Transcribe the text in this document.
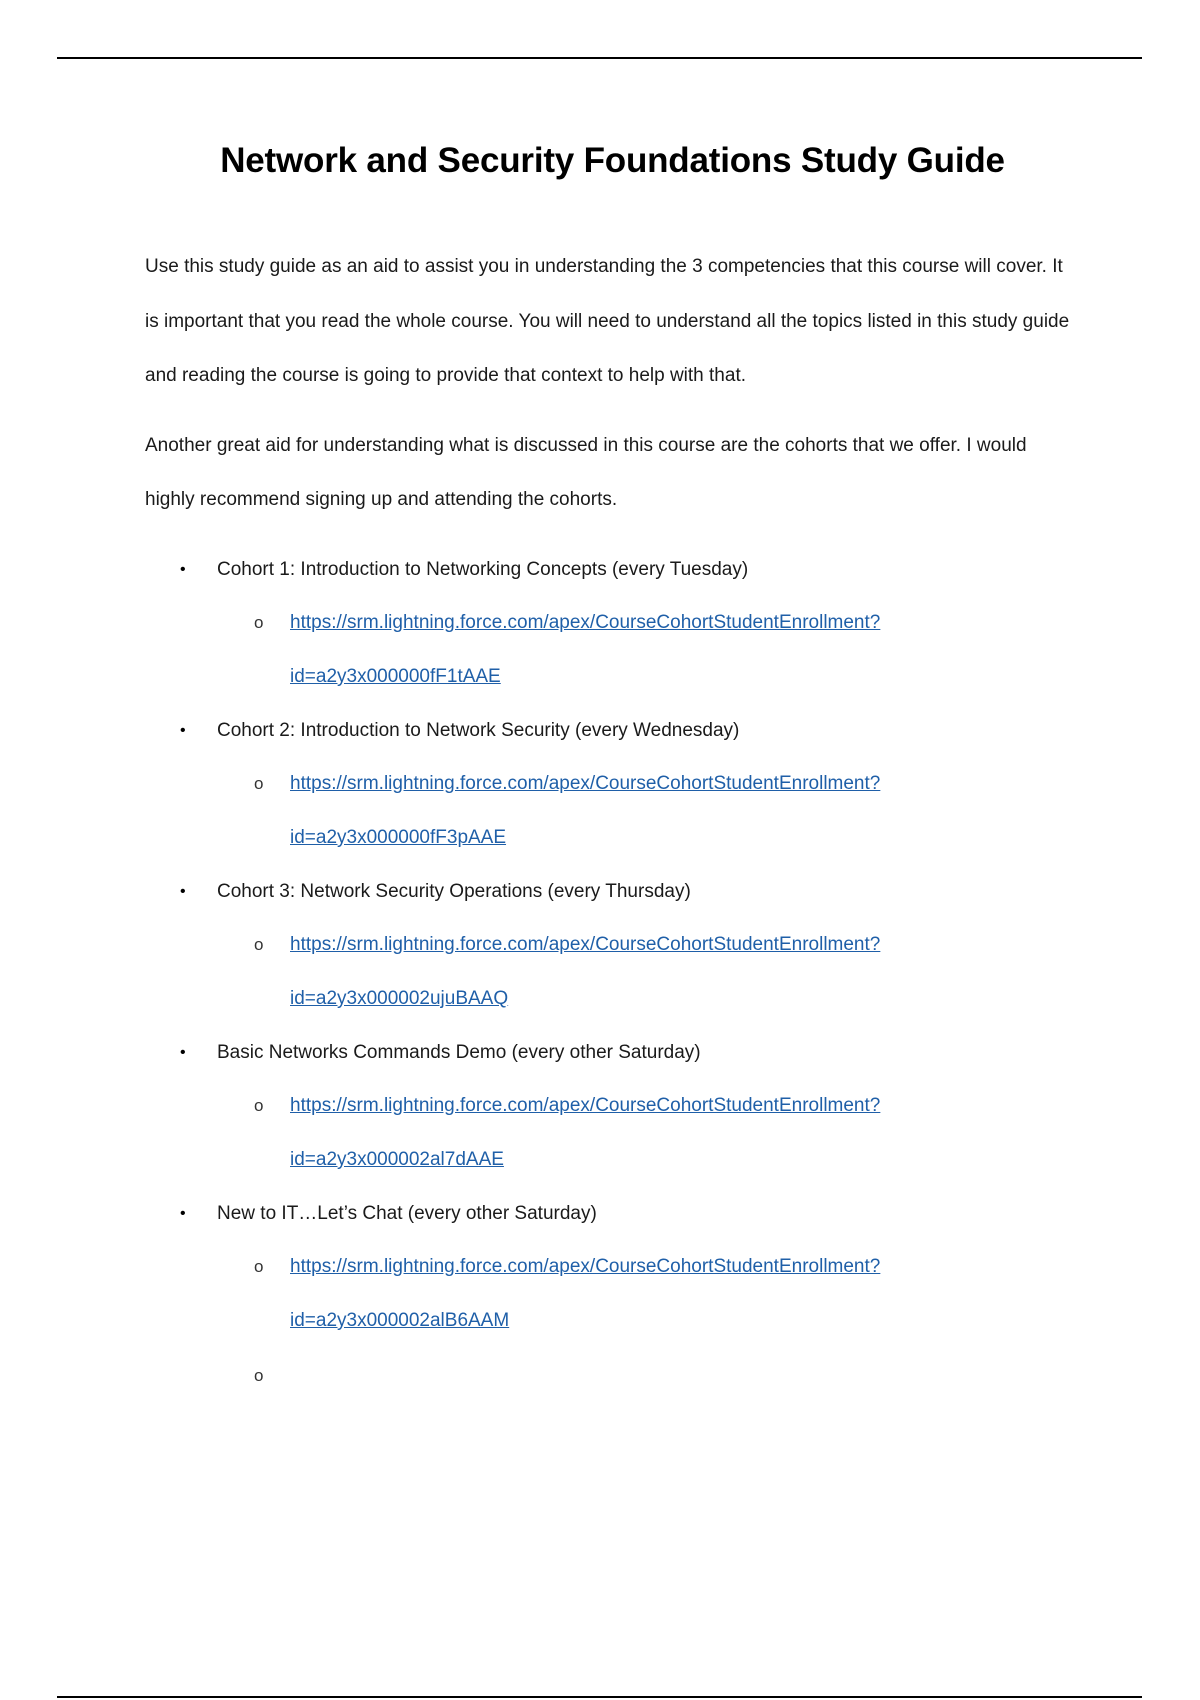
Network and Security Foundations Study Guide

Use this study guide as an aid to assist you in understanding the 3 competencies that this course will cover. It is important that you read the whole course. You will need to understand all the topics listed in this study guide and reading the course is going to provide that context to help with that.

Another great aid for understanding what is discussed in this course are the cohorts that we offer. I would highly recommend signing up and attending the cohorts.

• Cohort 1: Introduction to Networking Concepts (every Tuesday)
o https://srm.lightning.force.com/apex/CourseCohortStudentEnrollment?
id=a2y3x000000fF1tAAE
• Cohort 2: Introduction to Network Security (every Wednesday)
o https://srm.lightning.force.com/apex/CourseCohortStudentEnrollment?
id=a2y3x000000fF3pAAE
• Cohort 3: Network Security Operations (every Thursday)
o https://srm.lightning.force.com/apex/CourseCohortStudentEnrollment?
id=a2y3x000002ujuBAAQ
• Basic Networks Commands Demo (every other Saturday)
o https://srm.lightning.force.com/apex/CourseCohortStudentEnrollment?
id=a2y3x000002al7dAAE
• New to IT…Let’s Chat (every other Saturday)
o https://srm.lightning.force.com/apex/CourseCohortStudentEnrollment?
id=a2y3x000002alB6AAM
o
